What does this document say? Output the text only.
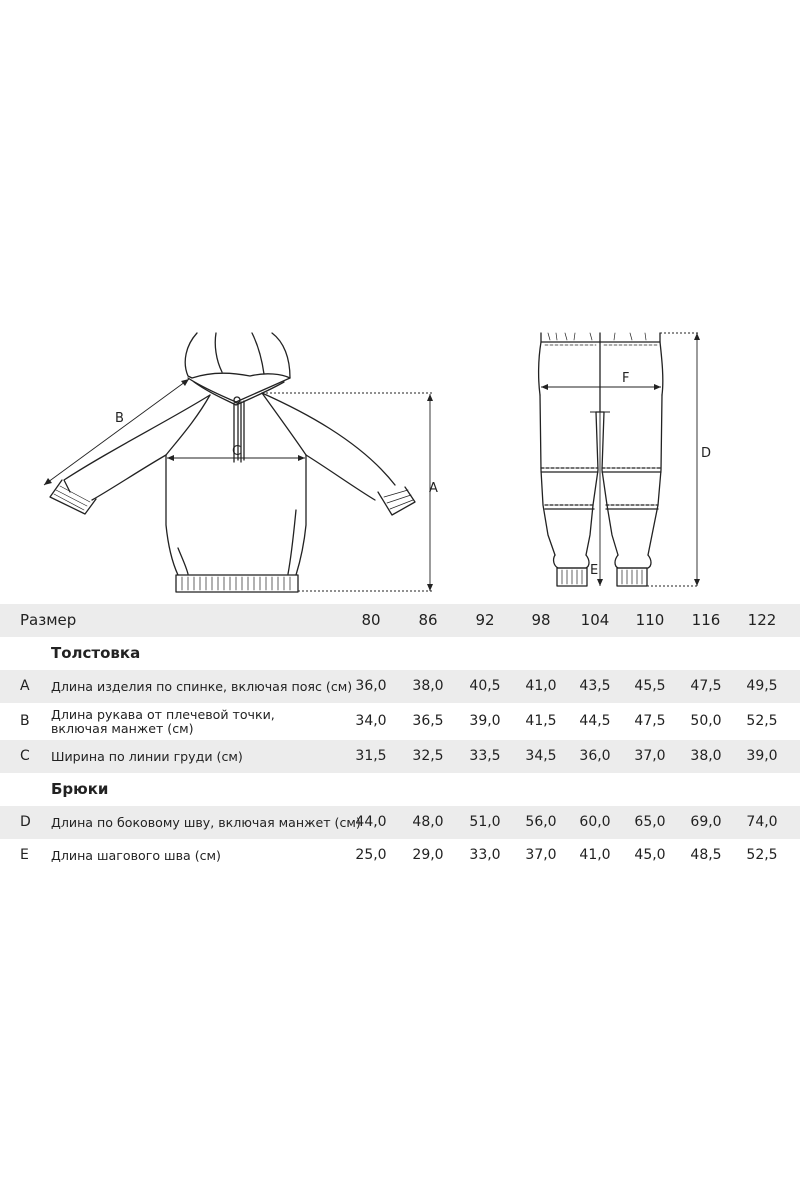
A
B
C	D
E
F
Размер	80	86	92	98	104	110	116	122
Толстовка
A Длина изделия по спинке, включая пояс (см) 36,0	38,0	40,5	41,0	43,5	45,5	47,5	49,5
B Длина рукава от плечевой точки,
включая манжет (см)	34,0	36,5	39,0	41,5	44,5	47,5	50,0	52,5
C Ширина по линии груди (см)	31,5	32,5	33,5	34,5	36,0	37,0	38,0	39,0
Брюки
D Длина по боковому шву, включая манжет (см)
44,0	48,0	51,0	56,0	60,0	65,0	69,0	74,0
E Длина шагового шва (см)	25,0	29,0	33,0	37,0	41,0	45,0	48,5	52,5
